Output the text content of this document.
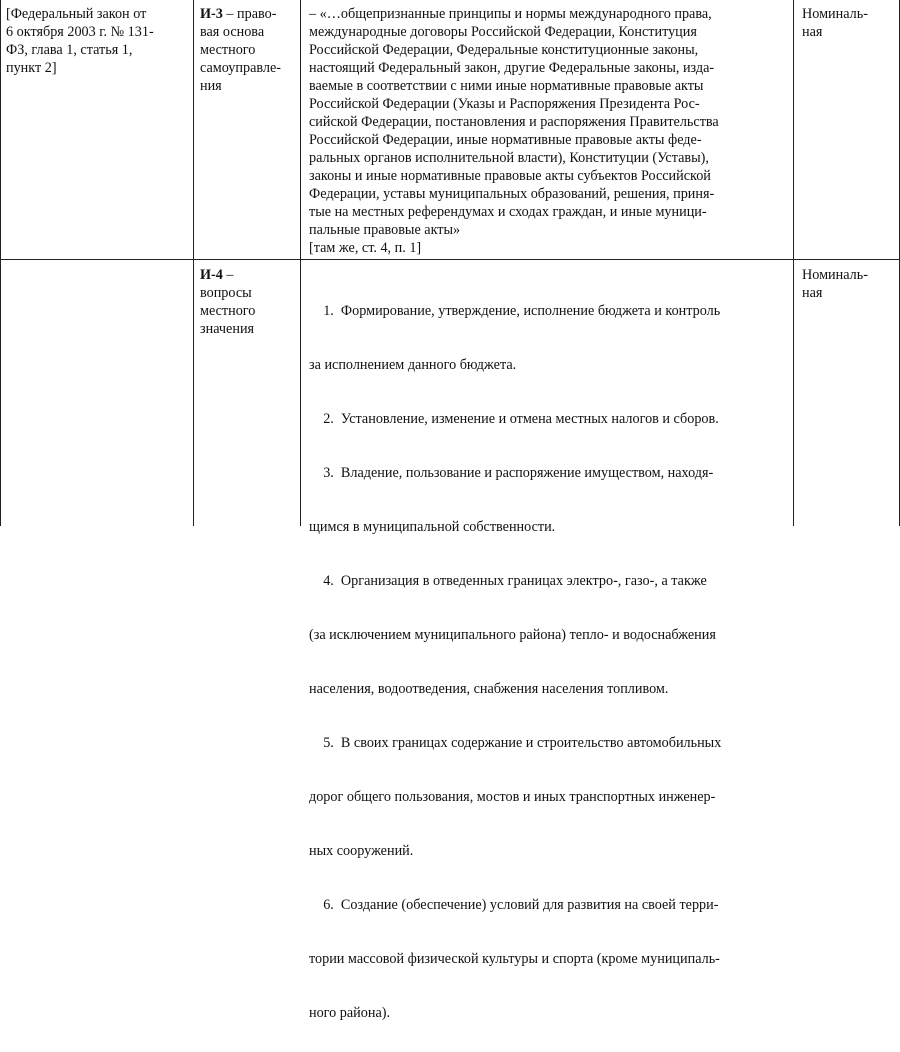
[Федеральный закон от
6 октября 2003 г. № 131-
ФЗ, глава 1, статья 1,
пункт 2]
И-3 – право-
вая основа
местного
самоуправле-
ния
– «…общепризнанные принципы и нормы международного права,
международные договоры Российской Федерации, Конституция
Российской Федерации, Федеральные конституционные законы,
настоящий Федеральный закон, другие Федеральные законы, изда-
ваемые в соответствии с ними иные нормативные правовые акты
Российской Федерации (Указы и Распоряжения Президента Рос-
сийской Федерации, постановления и распоряжения Правительства
Российской Федерации, иные нормативные правовые акты феде-
ральных органов исполнительной власти), Конституции (Уставы),
законы и иные нормативные правовые акты субъектов Российской
Федерации, уставы муниципальных образований, решения, приня-
тые на местных референдумах и сходах граждан, и иные муници-
пальные правовые акты»
[там же, ст. 4, п. 1]
Номиналь-
ная
И-4 –
вопросы
местного
значения

1.  Формирование, утверждение, исполнение бюджета и контроль

за исполнением данного бюджета.

2.  Установление, изменение и отмена местных налогов и сборов.

3.  Владение, пользование и распоряжение имуществом, находя-

щимся в муниципальной собственности.

4.  Организация в отведенных границах электро-, газо-, а также

(за исключением муниципального района) тепло- и водоснабжения

населения, водоотведения, снабжения населения топливом.

5.  В своих границах содержание и строительство автомобильных

дорог общего пользования, мостов и иных транспортных инженер-

ных сооружений.

6.  Создание (обеспечение) условий для развития на своей терри-

тории массовой физической культуры и спорта (кроме муниципаль-

ного района).

Номиналь-
ная
